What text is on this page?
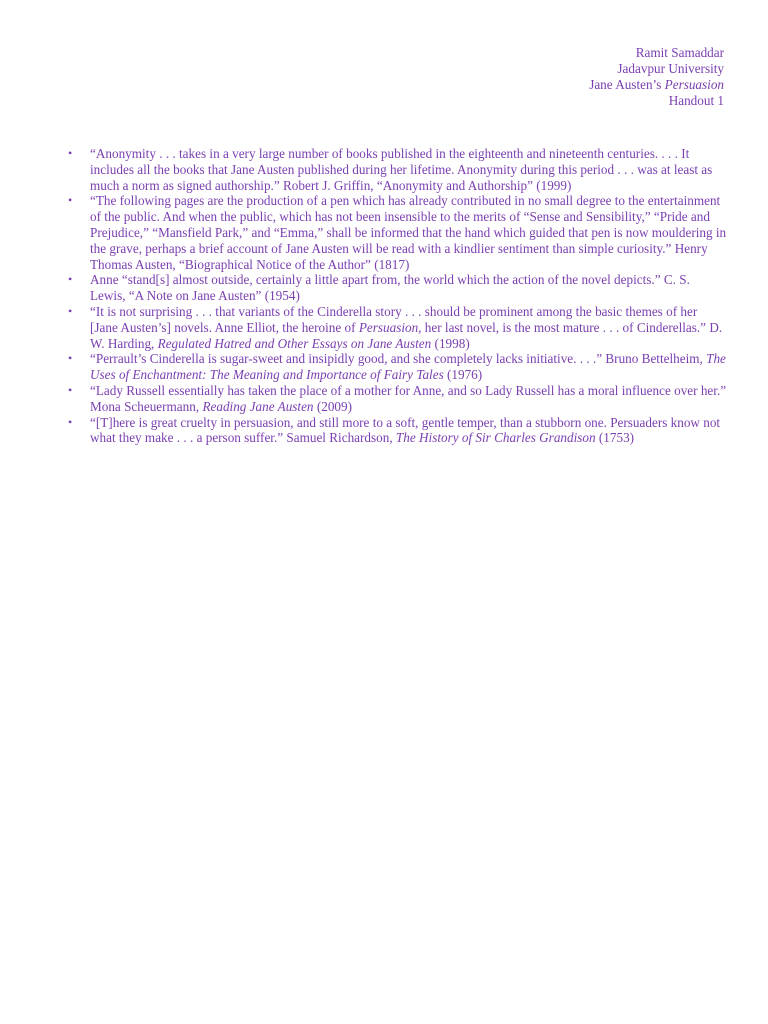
Ramit Samaddar
Jadavpur University
Jane Austen’s Persuasion
Handout 1
• “Anonymity . . . takes in a very large number of books published in the eighteenth and nineteenth centuries. . . . It includes all the books that Jane Austen published during her lifetime. Anonymity during this period . . . was at least as much a norm as signed authorship.” Robert J. Griffin, “Anonymity and Authorship” (1999)
• “The following pages are the production of a pen which has already contributed in no small degree to the entertainment of the public. And when the public, which has not been insensible to the merits of “Sense and Sensibility,” “Pride and Prejudice,” “Mansfield Park,” and “Emma,” shall be informed that the hand which guided that pen is now mouldering in the grave, perhaps a brief account of Jane Austen will be read with a kindlier sentiment than simple curiosity.” Henry Thomas Austen, “Biographical Notice of the Author” (1817)
• Anne “stand[s] almost outside, certainly a little apart from, the world which the action of the novel depicts.” C. S. Lewis, “A Note on Jane Austen” (1954)
• “It is not surprising . . . that variants of the Cinderella story . . . should be prominent among the basic themes of her [Jane Austen’s] novels. Anne Elliot, the heroine of Persuasion, her last novel, is the most mature . . . of Cinderellas.” D. W. Harding, Regulated Hatred and Other Essays on Jane Austen (1998)
• “Perrault’s Cinderella is sugar-sweet and insipidly good, and she completely lacks initiative. . . .” Bruno Bettelheim, The Uses of Enchantment: The Meaning and Importance of Fairy Tales (1976)
• “Lady Russell essentially has taken the place of a mother for Anne, and so Lady Russell has a moral influence over her.” Mona Scheuermann, Reading Jane Austen (2009)
• “[T]here is great cruelty in persuasion, and still more to a soft, gentle temper, than a stubborn one. Persuaders know not what they make . . . a person suffer.” Samuel Richardson, The History of Sir Charles Grandison (1753)
